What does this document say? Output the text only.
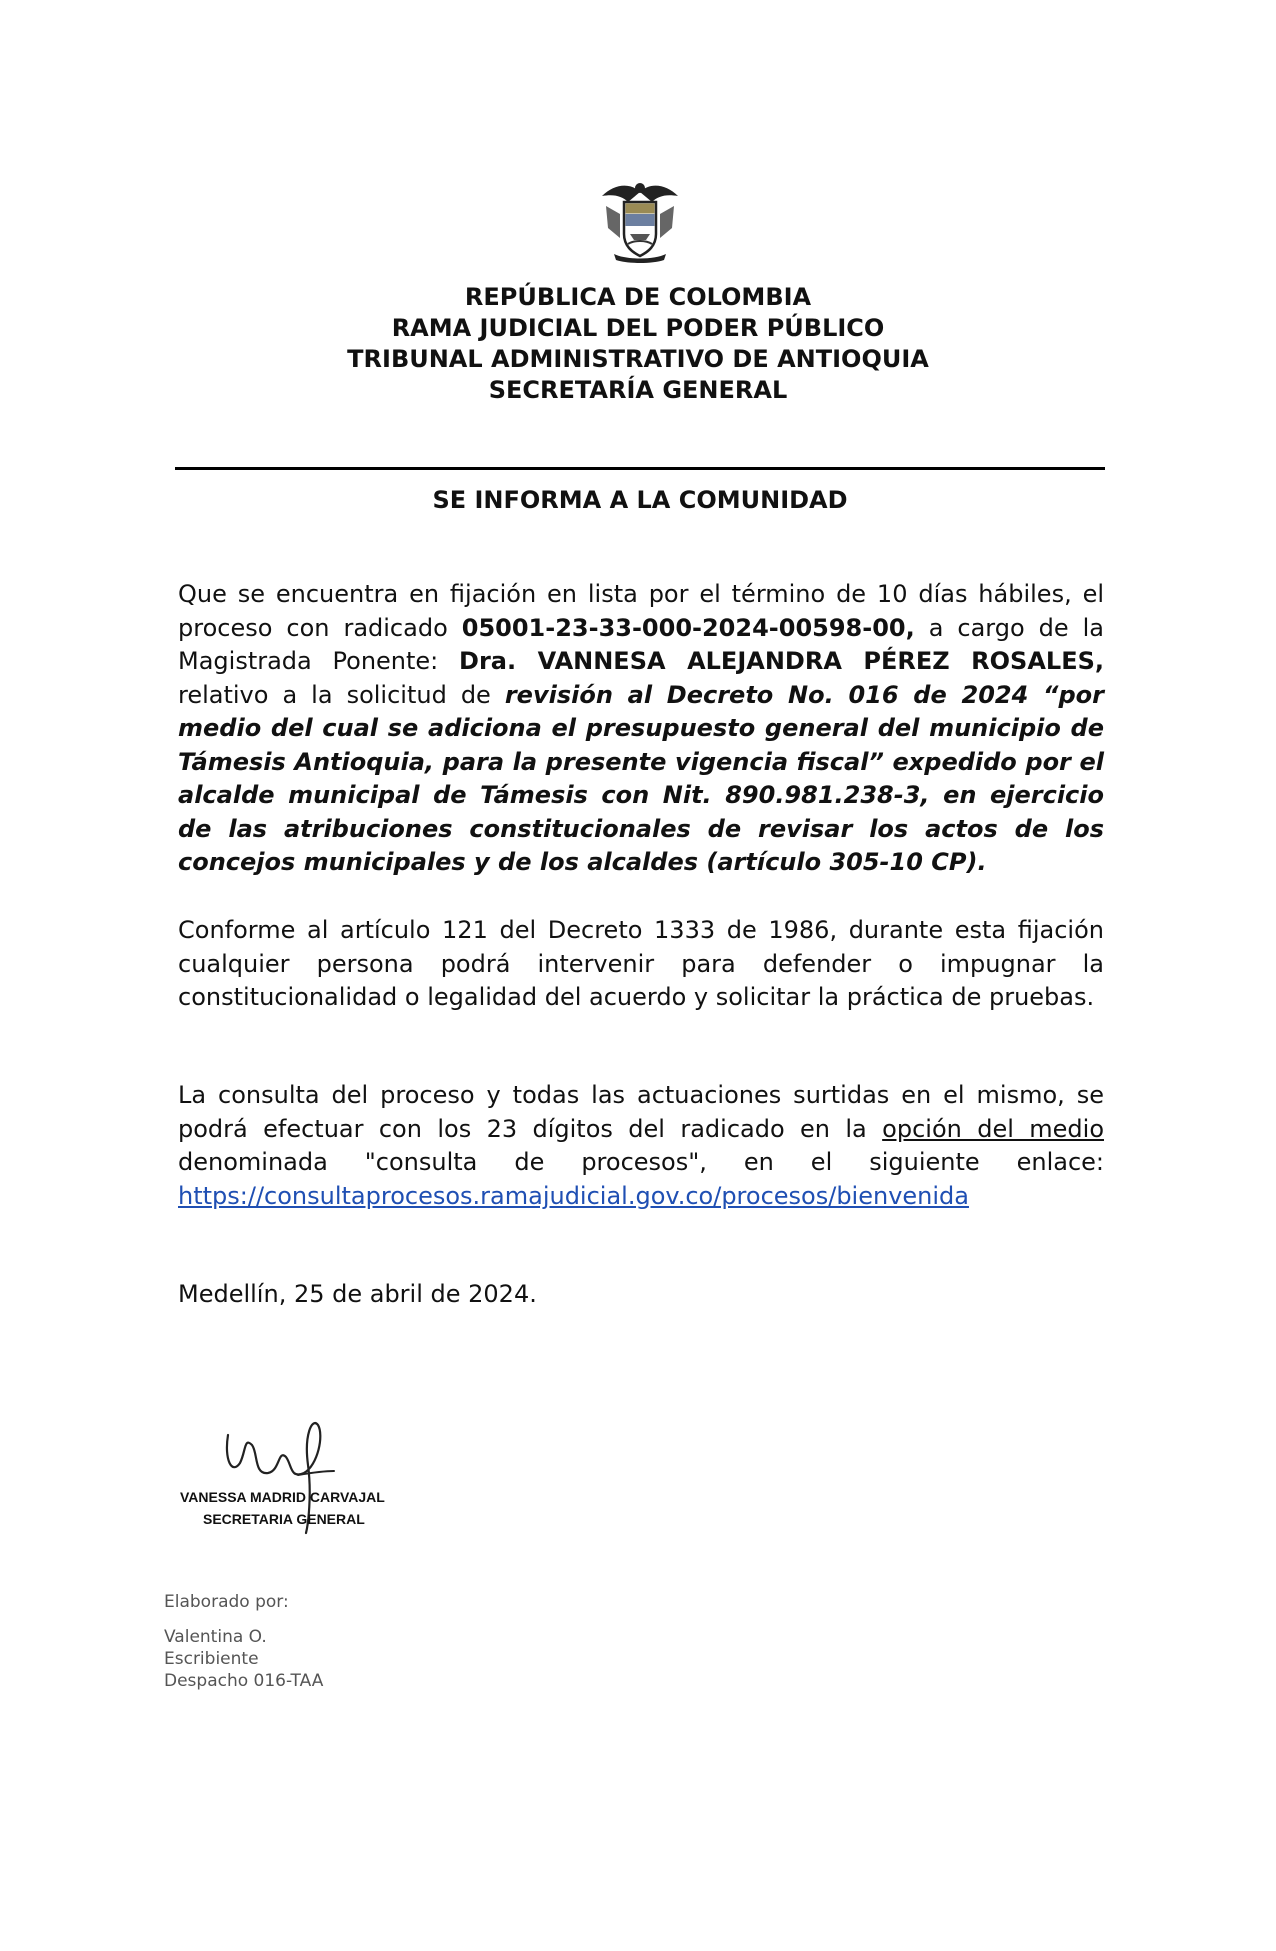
REPÚBLICA DE COLOMBIA
RAMA JUDICIAL DEL PODER PÚBLICO
TRIBUNAL ADMINISTRATIVO DE ANTIOQUIA
SECRETARÍA GENERAL
SE INFORMA A LA COMUNIDAD
Que se encuentra en fijación en lista por el término de 10 días hábiles, el proceso con radicado 05001-23-33-000-2024-00598-00, a cargo de la Magistrada Ponente: Dra. VANNESA ALEJANDRA PÉREZ ROSALES, relativo a la solicitud de revisión al Decreto No. 016 de 2024 “por medio del cual se adiciona el presupuesto general del municipio de Támesis Antioquia, para la presente vigencia fiscal” expedido por el alcalde municipal de Támesis con Nit. 890.981.238-3, en ejercicio de las atribuciones constitucionales de revisar los actos de los concejos municipales y de los alcaldes (artículo 305-10 CP).
Conforme al artículo 121 del Decreto 1333 de 1986, durante esta fijación cualquier persona podrá intervenir para defender o impugnar la constitucionalidad o legalidad del acuerdo y solicitar la práctica de pruebas.
La consulta del proceso y todas las actuaciones surtidas en el mismo, se podrá efectuar con los 23 dígitos del radicado en la opción del medio denominada "consulta de procesos", en el siguiente enlace: https://consultaprocesos.ramajudicial.gov.co/procesos/bienvenida
Medellín, 25 de abril de 2024.
VANESSA MADRID CARVAJAL
SECRETARIA GENERAL
Elaborado por:
Valentina O.
Escribiente
Despacho 016-TAA
